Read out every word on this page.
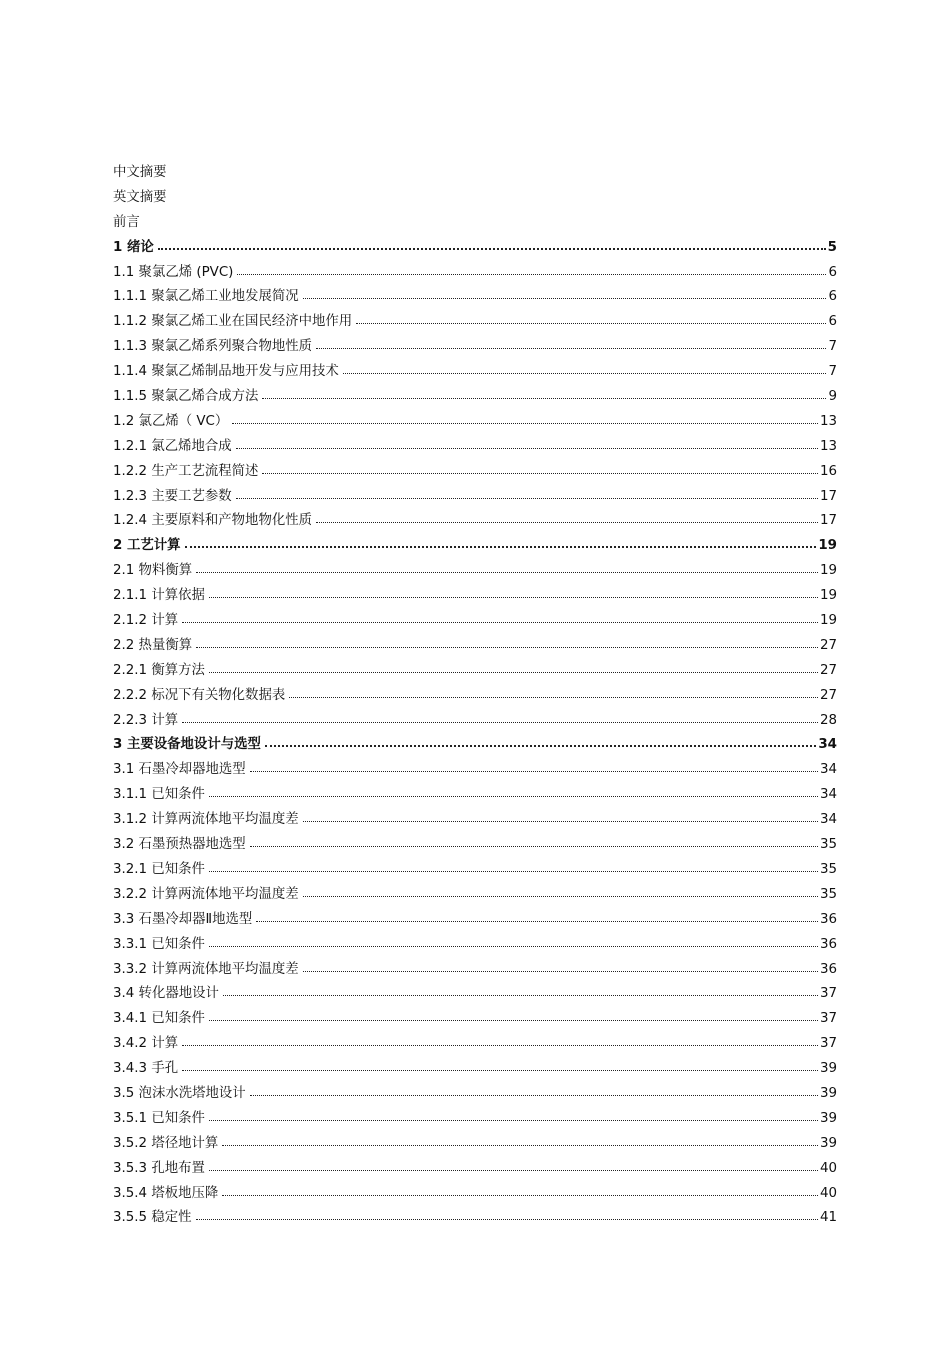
中文摘要
英文摘要
前言
1 绪论	5
1.1 聚氯乙烯 (PVC)	6
1.1.1 聚氯乙烯工业地发展简况	6
1.1.2 聚氯乙烯工业在国民经济中地作用	6
1.1.3 聚氯乙烯系列聚合物地性质	7
1.1.4 聚氯乙烯制品地开发与应用技术	7
1.1.5 聚氯乙烯合成方法	9
1.2 氯乙烯（ VC）	13
1.2.1 氯乙烯地合成	13
1.2.2 生产工艺流程简述	16
1.2.3 主要工艺参数	17
1.2.4 主要原料和产物地物化性质	17
2 工艺计算	19
2.1 物料衡算	19
2.1.1 计算依据	19
2.1.2 计算	19
2.2 热量衡算	27
2.2.1 衡算方法	27
2.2.2 标况下有关物化数据表	27
2.2.3 计算	28
3 主要设备地设计与选型	34
3.1 石墨冷却器地选型	34
3.1.1 已知条件	34
3.1.2 计算两流体地平均温度差	34
3.2 石墨预热器地选型	35
3.2.1 已知条件	35
3.2.2 计算两流体地平均温度差	35
3.3 石墨冷却器Ⅱ地选型	36
3.3.1 已知条件	36
3.3.2 计算两流体地平均温度差	36
3.4 转化器地设计	37
3.4.1 已知条件	37
3.4.2 计算	37
3.4.3 手孔	39
3.5 泡沫水洗塔地设计	39
3.5.1 已知条件	39
3.5.2 塔径地计算	39
3.5.3 孔地布置	40
3.5.4 塔板地压降	40
3.5.5 稳定性	41
